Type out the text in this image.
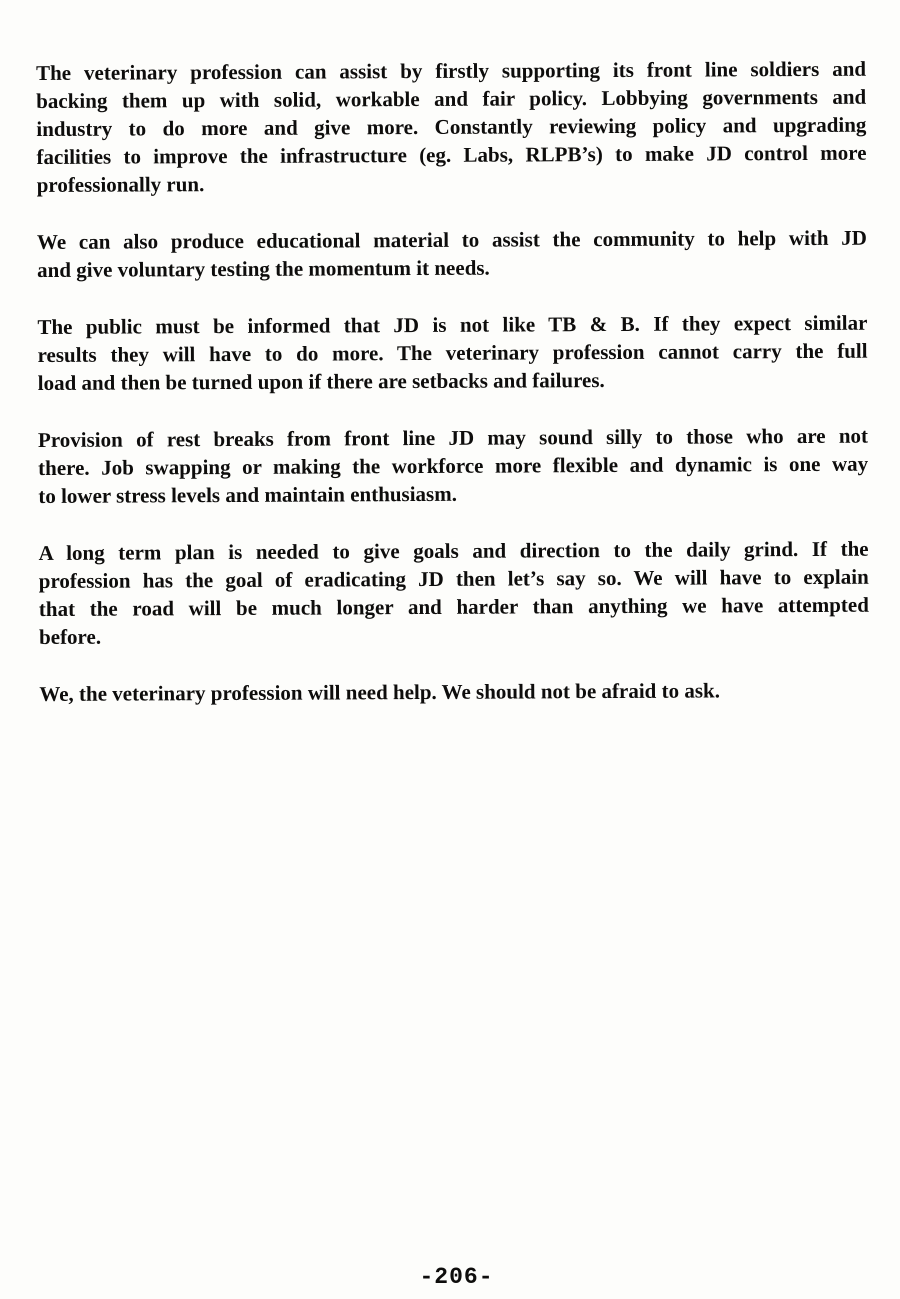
The veterinary profession can assist by firstly supporting its front line soldiers and
backing them up with solid, workable and fair policy. Lobbying governments and
industry to do more and give more. Constantly reviewing policy and upgrading
facilities to improve the infrastructure (eg. Labs, RLPB’s) to make JD control more
professionally run.

We can also produce educational material to assist the community to help with JD
and give voluntary testing the momentum it needs.

The public must be informed that JD is not like TB & B. If they expect similar
results they will have to do more. The veterinary profession cannot carry the full
load and then be turned upon if there are setbacks and failures.

Provision of rest breaks from front line JD may sound silly to those who are not
there. Job swapping or making the workforce more flexible and dynamic is one way
to lower stress levels and maintain enthusiasm.

A long term plan is needed to give goals and direction to the daily grind. If the
profession has the goal of eradicating JD then let’s say so. We will have to explain
that the road will be much longer and harder than anything we have attempted
before.

We, the veterinary profession will need help. We should not be afraid to ask.

-206-
